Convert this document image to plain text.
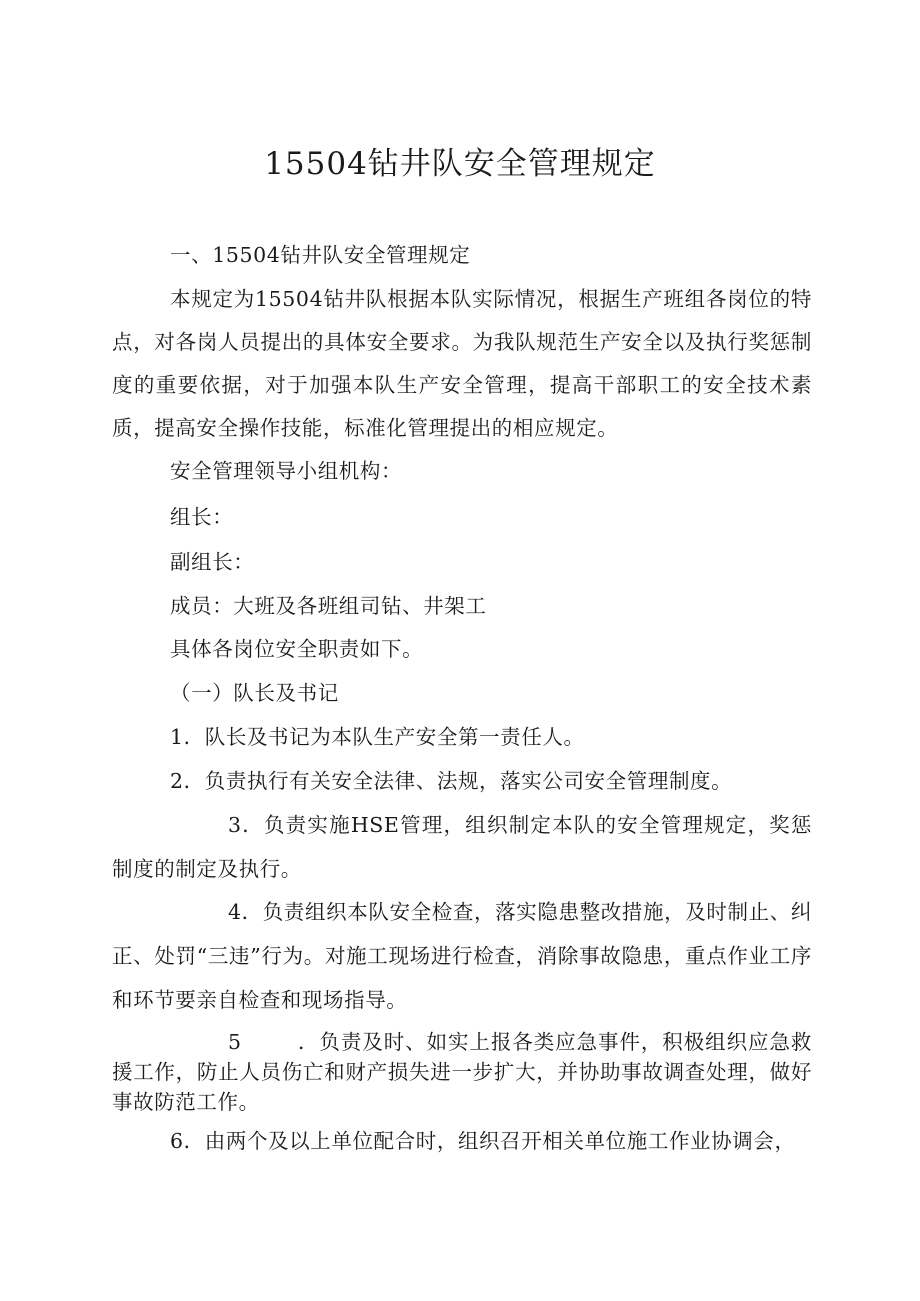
15504钻井队安全管理规定
一、15504钻井队安全管理规定

本规定为15504钻井队根据本队实际情况，根据生产班组各岗位的特点，对各岗人员提出的具体安全要求。为我队规范生产安全以及执行奖惩制度的重要依据，对于加强本队生产安全管理，提高干部职工的安全技术素质，提高安全操作技能，标准化管理提出的相应规定。

安全管理领导小组机构：
组长：
副组长：
成员：大班及各班组司钻、井架工
具体各岗位安全职责如下。
（一）队长及书记
1．队长及书记为本队生产安全第一责任人。
2．负责执行有关安全法律、法规，落实公司安全管理制度。

3．负责实施HSE管理，组织制定本队的安全管理规定，奖惩制度的制定及执行。

4．负责组织本队安全检查，落实隐患整改措施，及时制止、纠正、处罚“三违”行为。对施工现场进行检查，消除事故隐患，重点作业工序和环节要亲自检查和现场指导。

5	．负责及时、如实上报各类应急事件，积极组织应急救援工作，防止人员伤亡和财产损失进一步扩大，并协助事故调查处理，做好事故防范工作。

6．由两个及以上单位配合时，组织召开相关单位施工作业协调会，
